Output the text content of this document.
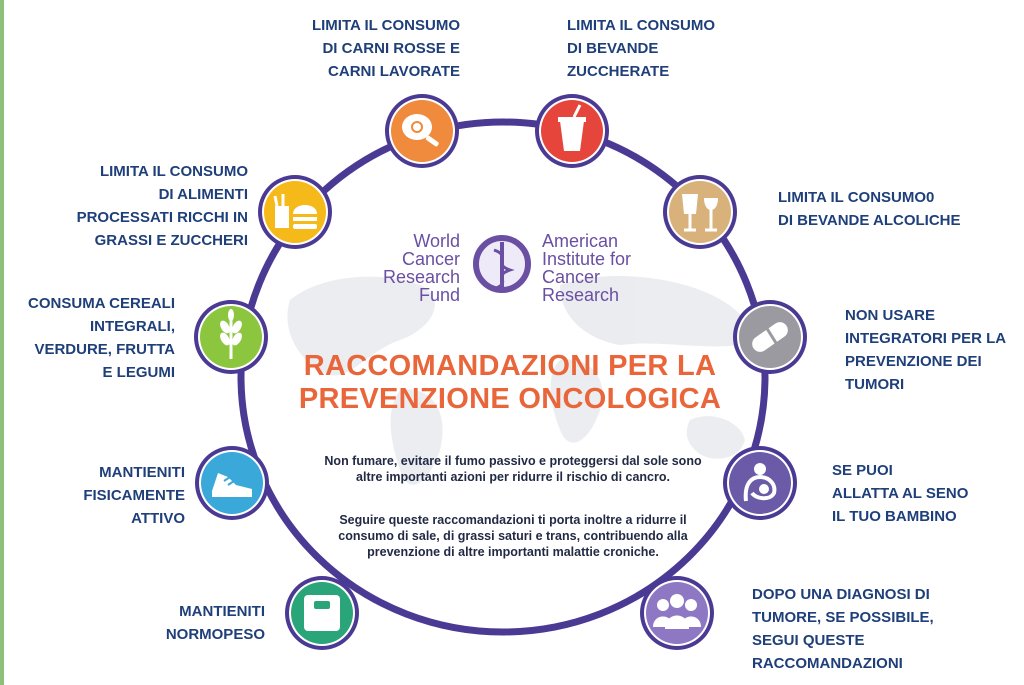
World
Cancer
Research
Fund
American
Institute for
Cancer
Research
RACCOMANDAZIONI PER LA
PREVENZIONE ONCOLOGICA
Non fumare, evitare il fumo passivo e proteggersi dal sole sono altre importanti azioni per ridurre il rischio di cancro.
Seguire queste raccomandazioni ti porta inoltre a ridurre il consumo di sale, di grassi saturi e trans, contribuendo alla prevenzione di altre importanti malattie croniche.
LIMITA IL CONSUMO
DI CARNI ROSSE E
CARNI LAVORATE
LIMITA IL CONSUMO
DI BEVANDE
ZUCCHERATE
LIMITA IL CONSUMO
DI ALIMENTI
PROCESSATI RICCHI IN
GRASSI E ZUCCHERI
CONSUMA CEREALI
INTEGRALI,
VERDURE, FRUTTA
E LEGUMI
MANTIENITI
FISICAMENTE
ATTIVO
MANTIENITI
NORMOPESO
LIMITA IL CONSUMO0
DI BEVANDE ALCOLICHE
NON USARE
INTEGRATORI PER LA
PREVENZIONE DEI
TUMORI
SE PUOI
ALLATTA AL SENO
IL TUO BAMBINO
DOPO UNA DIAGNOSI DI
TUMORE, SE POSSIBILE,
SEGUI QUESTE
RACCOMANDAZIONI
